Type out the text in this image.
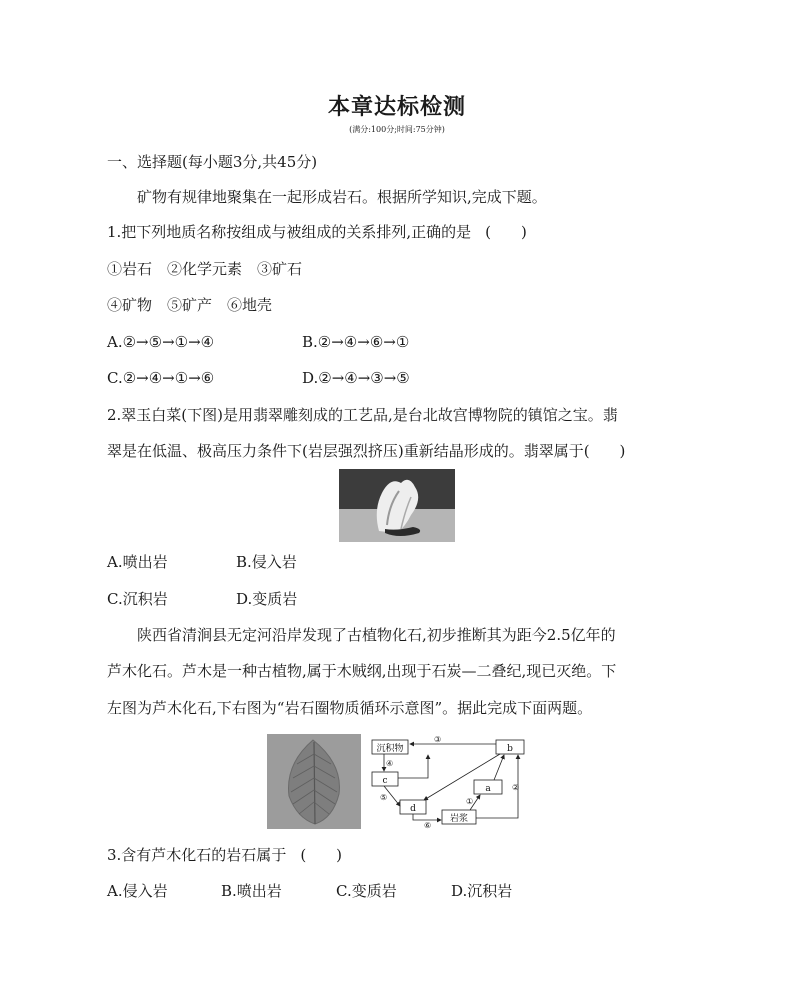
本章达标检测
(满分:100分;时间:75分钟)
一、选择题(每小题3分,共45分)
矿物有规律地聚集在一起形成岩石。根据所学知识,完成下题。
1.把下列地质名称按组成与被组成的关系排列,正确的是 (　　)
①岩石　②化学元素　③矿石
④矿物　⑤矿产　⑥地壳
A.②→⑤→①→④	B.②→④→⑥→①
C.②→④→①→⑥	D.②→④→③→⑤
2.翠玉白菜(下图)是用翡翠雕刻成的工艺品,是台北故宫博物院的镇馆之宝。翡
翠是在低温、极高压力条件下(岩层强烈挤压)重新结晶形成的。翡翠属于(　　)
A.喷出岩	B.侵入岩
C.沉积岩	D.变质岩
陕西省清涧县无定河沿岸发现了古植物化石,初步推断其为距今2.5亿年的
芦木化石。芦木是一种古植物,属于木贼纲,出现于石炭—二叠纪,现已灭绝。下
左图为芦木化石,下右图为“岩石圈物质循环示意图”。据此完成下面两题。
沉积物	b
c
a
d
岩浆
③
④
⑤
⑥
①
②
3.含有芦木化石的岩石属于 (　　)
A.侵入岩	B.喷出岩	C.变质岩	D.沉积岩
